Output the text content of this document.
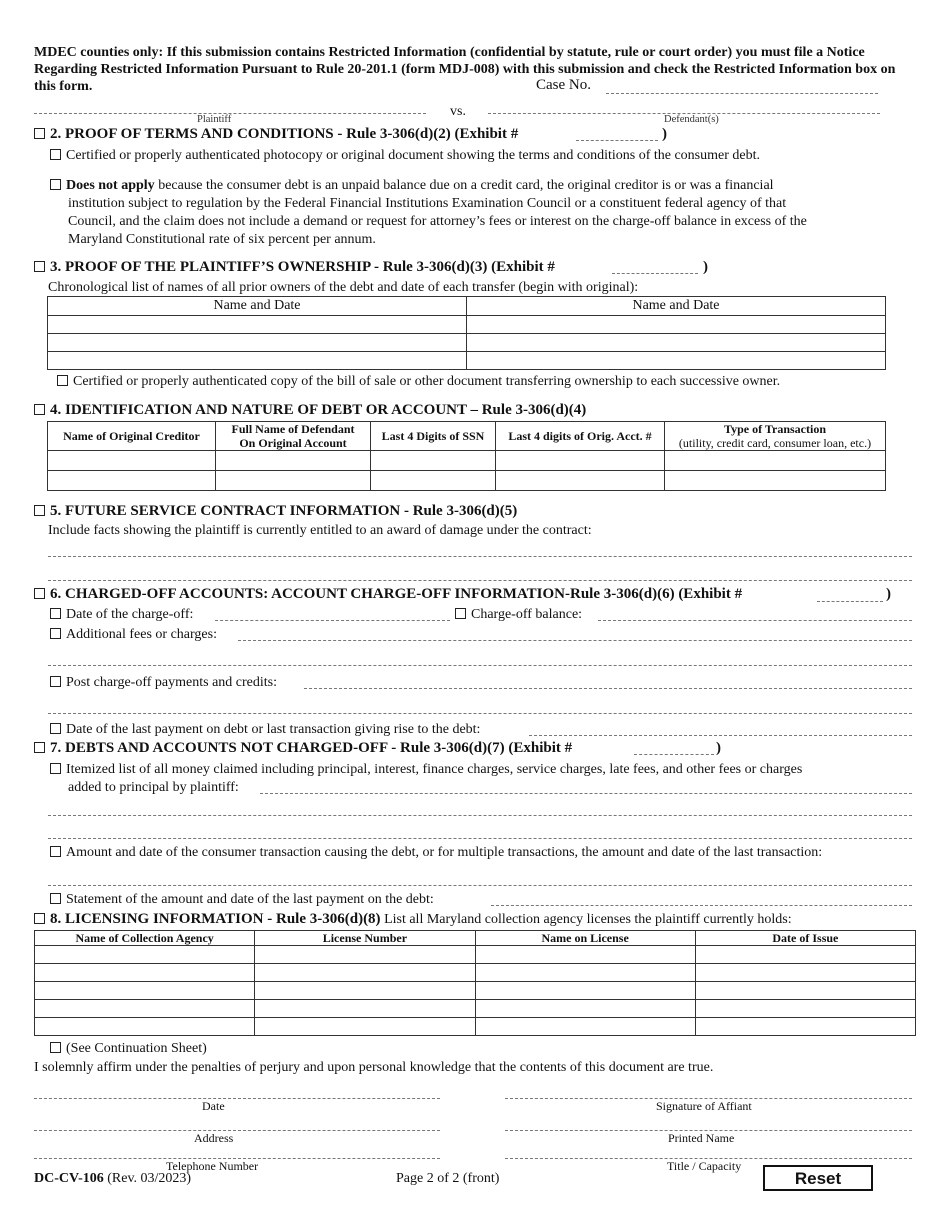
MDEC counties only: If this submission contains Restricted Information (confidential by statute, rule or court order) you must file a Notice Regarding Restricted Information Pursuant to Rule 20-201.1 (form MDJ-008) with this submission and check the Restricted Information box on this form.	Case No.
Plaintiff
vs.
Defendant(s)
2. PROOF OF TERMS AND CONDITIONS - Rule 3-306(d)(2) (Exhibit #	)
Certified or properly authenticated photocopy or original document showing the terms and conditions of the consumer debt.
Does not apply because the consumer debt is an unpaid balance due on a credit card, the original creditor is or was a financial
institution subject to regulation by the Federal Financial Institutions Examination Council or a constituent federal agency of that
Council, and the claim does not include a demand or request for attorney’s fees or interest on the charge-off balance in excess of the
Maryland Constitutional rate of six percent per annum.
3. PROOF OF THE PLAINTIFF’S OWNERSHIP - Rule 3-306(d)(3) (Exhibit #	)
Chronological list of names of all prior owners of the debt and date of each transfer (begin with original):
Name and Date	Name and Date

Certified or properly authenticated copy of the bill of sale or other document transferring ownership to each successive owner.
4. IDENTIFICATION AND NATURE OF DEBT OR ACCOUNT – Rule 3-306(d)(4)
Name of Original Creditor	Full Name of Defendant
On Original Account	Last 4 Digits of SSN	Last 4 digits of Orig. Acct. #	Type of Transaction
(utility, credit card, consumer loan, etc.)

5. FUTURE SERVICE CONTRACT INFORMATION - Rule 3-306(d)(5)
Include facts showing the plaintiff is currently entitled to an award of damage under the contract:
6. CHARGED-OFF ACCOUNTS: ACCOUNT CHARGE-OFF INFORMATION-Rule 3-306(d)(6) (Exhibit #	)
Date of the charge-off:	Charge-off balance:
Additional fees or charges:
Post charge-off payments and credits:
Date of the last payment on debt or last transaction giving rise to the debt:
7. DEBTS AND ACCOUNTS NOT CHARGED-OFF - Rule 3-306(d)(7) (Exhibit #	)
Itemized list of all money claimed including principal, interest, finance charges, service charges, late fees, and other fees or charges
added to principal by plaintiff:
Amount and date of the consumer transaction causing the debt, or for multiple transactions, the amount and date of the last transaction:
Statement of the amount and date of the last payment on the debt:
8. LICENSING INFORMATION - Rule 3-306(d)(8) List all Maryland collection agency licenses the plaintiff currently holds:
Name of Collection Agency	License Number	Name on License	Date of Issue

(See Continuation Sheet)
I solemnly affirm under the penalties of perjury and upon personal knowledge that the contents of this document are true.
Date	Signature of Affiant
Address	Printed Name
Telephone Number	Title / Capacity
DC-CV-106 (Rev. 03/2023)	Page 2 of 2 (front)	Reset
